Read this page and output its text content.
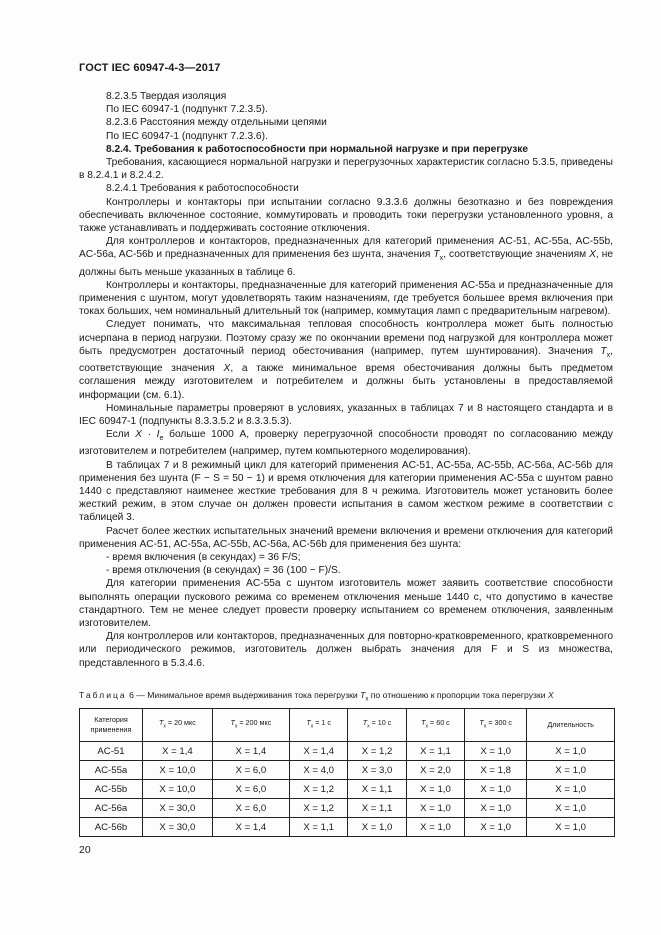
ГОСТ IEC 60947-4-3—2017

8.2.3.5 Твердая изоляция

По IEC 60947-1 (подпункт 7.2.3.5).

8.2.3.6 Расстояния между отдельными цепями

По IEC 60947-1 (подпункт 7.2.3.6).

8.2.4. Требования к работоспособности при нормальной нагрузке и при перегрузке

Требования, касающиеся нормальной нагрузки и перегрузочных характеристик согласно 5.3.5, приведены в 8.2.4.1 и 8.2.4.2.

8.2.4.1 Требования к работоспособности

Контроллеры и контакторы при испытании согласно 9.3.3.6 должны безотказно и без повреждения обеспечивать включенное состояние, коммутировать и проводить токи перегрузки установленного уровня, а также устанавливать и поддерживать состояние отключения.

Для контроллеров и контакторов, предназначенных для категорий применения AC-51, AC-55a, AC-55b, AC-56a, AC-56b и предназначенных для применения без шунта, значения $T_x$, соответствующие значениям X, не должны быть меньше указанных в таблице 6.

Контроллеры и контакторы, предназначенные для категорий применения AC-55a и предназначенные для применения с шунтом, могут удовлетворять таким назначениям, где требуется большее время включения при токах больших, чем номинальный длительный ток (например, коммутация ламп с предварительным нагревом).

Следует понимать, что максимальная тепловая способность контроллера может быть полностью исчерпана в период нагрузки. Поэтому сразу же по окончании времени под нагрузкой для контроллера может быть предусмотрен достаточный период обесточивания (например, путем шунтирования). Значения $T_x$, соответствующие значения X, а также минимальное время обесточивания должны быть предметом соглашения между изготовителем и потребителем и должны быть установлены в предоставляемой информации (см. 6.1).

Номинальные параметры проверяют в условиях, указанных в таблицах 7 и 8 настоящего стандарта и в IEC 60947-1 (подпункты 8.3.3.5.2 и 8.3.3.5.3).

Если $X \cdot I_e$ больше 1000 А, проверку перегрузочной способности проводят по согласованию между изготовителем и потребителем (например, путем компьютерного моделирования).

В таблицах 7 и 8 режимный цикл для категорий применения AC-51, AC-55a, AC-55b, AC-56a, AC-56b для применения без шунта (F − S = 50 − 1) и время отключения для категории применения AC-55a с шунтом равно 1440 с представляют наименее жесткие требования для 8 ч режима. Изготовитель может установить более жесткий режим, в этом случае он должен провести испытания в самом жестком режиме в соответствии с таблицей 3.

Расчет более жестких испытательных значений времени включения и времени отключения для категорий применения AC-51, AC-55a, AC-55b, AC-56a, AC-56b для применения без шунта:

- время включения (в секундах) = 36 F/S;

- время отключения (в секундах) = 36 (100 − F)/S.

Для категории применения AC-55a с шунтом изготовитель может заявить соответствие способности выполнять операции пускового режима со временем отключения меньше 1440 с, что допустимо в качестве стандартного. Тем не менее следует провести проверку испытанием со временем отключения, заявленным изготовителем.

Для контроллеров или контакторов, предназначенных для повторно-кратковременного, кратковременного или периодического режимов, изготовитель должен выбрать значения для F и S из множества, представленного в 5.3.4.6.

Таблица 6 — Минимальное время выдерживания тока перегрузки $T_x$ по отношению к пропорции тока перегрузки X
Категория применения	$T_x = 20$ мкс	$T_x = 200$ мкс	$T_x = 1$ с	$T_x = 10$ с	$T_x = 60$ с	$T_x = 300$ с	Длительность
AC-51	X = 1,4	X = 1,4	X = 1,4	X = 1,2	X = 1,1	X = 1,0	X = 1,0
AC-55a	X = 10,0	X = 6,0	X = 4,0	X = 3,0	X = 2,0	X = 1,8	X = 1,0
AC-55b	X = 10,0	X = 6,0	X = 1,2	X = 1,1	X = 1,0	X = 1,0	X = 1,0
AC-56a	X = 30,0	X = 6,0	X = 1,2	X = 1,1	X = 1,0	X = 1,0	X = 1,0
AC-56b	X = 30,0	X = 1,4	X = 1,1	X = 1,0	X = 1,0	X = 1,0	X = 1,0
20
